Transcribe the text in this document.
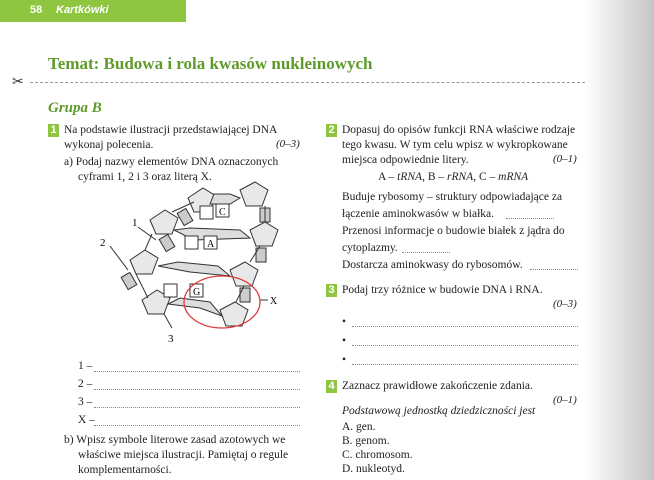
58 Kartkówki
Temat: Budowa i rola kwasów nukleinowych
✂
Grupa B
1 Na podstawie ilustracji przedstawiającej DNA
wykonaj polecenia.	(0–3)
a) Podaj nazwy elementów DNA oznaczonych
cyframi 1, 2 i 3 oraz literą X.
1
2
3
X
C
A
G
1 –
2 –
3 –
X –
b) Wpisz symbole literowe zasad azotowych we
właściwe miejsca ilustracji. Pamiętaj o regule
komplementarności.
2 Dopasuj do opisów funkcji RNA właściwe rodzaje
tego kwasu. W tym celu wpisz w wykropkowane
miejsca odpowiednie litery.	(0–1)
A – tRNA, B – rRNA, C – mRNA
Buduje rybosomy – struktury odpowiadające za
łączenie aminokwasów w białka.
Przenosi informacje o budowie białek z jądra do
cytoplazmy.
Dostarcza aminokwasy do rybosomów.
3 Podaj trzy różnice w budowie DNA i RNA.
(0–3)
•
•
•
4 Zaznacz prawidłowe zakończenie zdania.
(0–1)
Podstawową jednostką dziedziczności jest
A. gen.
B. genom.
C. chromosom.
D. nukleotyd.
